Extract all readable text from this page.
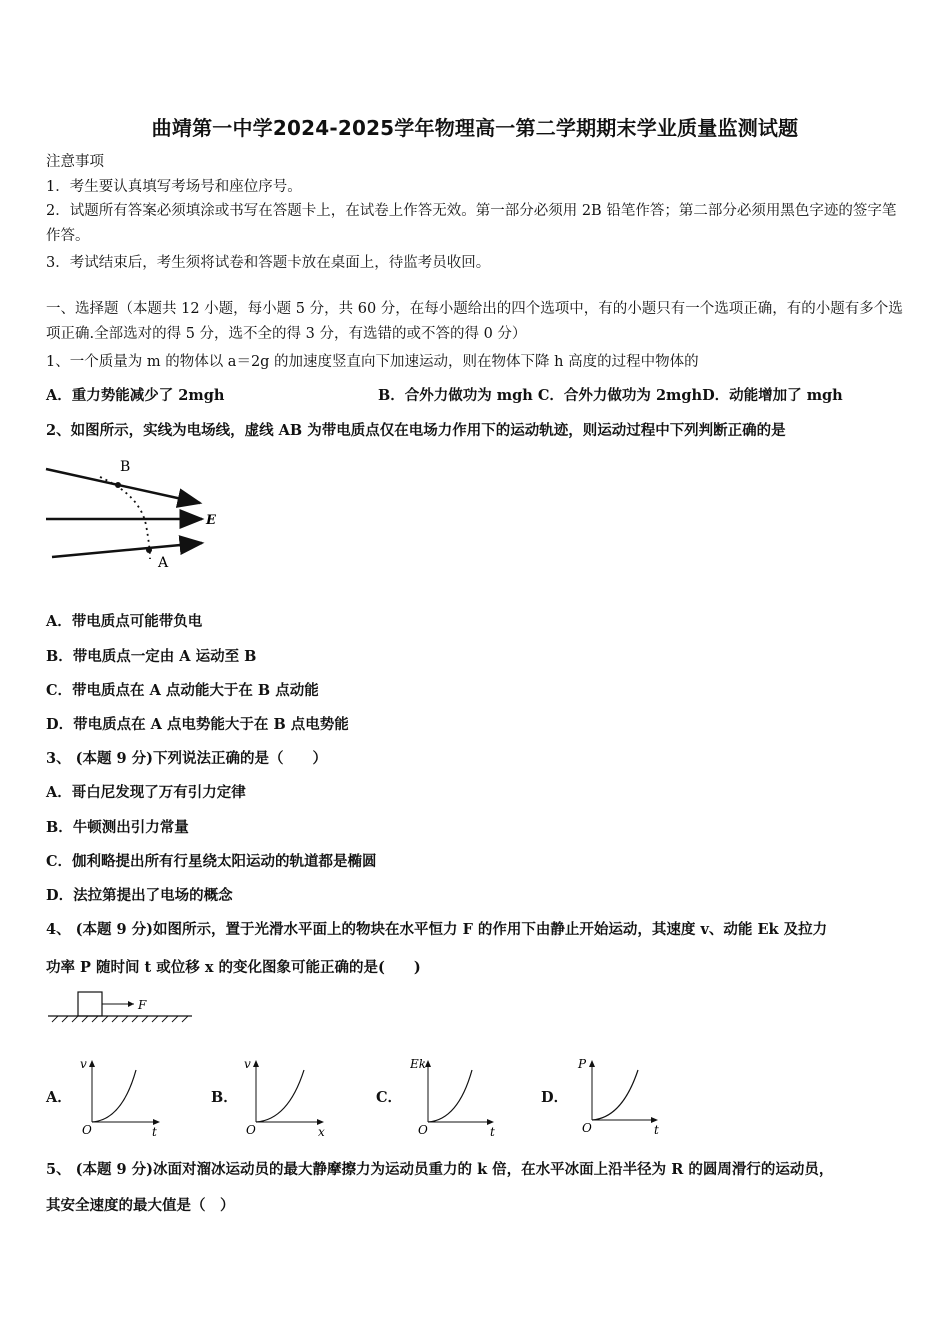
曲靖第一中学2024-2025学年物理高一第二学期期末学业质量监测试题
注意事项
1．考生要认真填写考场号和座位序号。
2．试题所有答案必须填涂或书写在答题卡上，在试卷上作答无效。第一部分必须用 2B 铅笔作答；第二部分必须用黑色字迹的签字笔作答。
3．考试结束后，考生须将试卷和答题卡放在桌面上，待监考员收回。
一、选择题（本题共 12 小题，每小题 5 分，共 60 分，在每小题给出的四个选项中，有的小题只有一个选项正确，有的小题有多个选项正确.全部选对的得 5 分，选不全的得 3 分，有选错的或不答的得 0 分）
1、一个质量为 m 的物体以 a＝2g 的加速度竖直向下加速运动，则在物体下降 h 高度的过程中物体的
A．重力势能减少了 2mgh	B．合外力做功为 mgh C．合外力做功为 2mghD．动能增加了 mgh
2、如图所示，实线为电场线，虚线 AB 为带电质点仅在电场力作用下的运动轨迹，则运动过程中下列判断正确的是
B
A
E
A．带电质点可能带负电
B．带电质点一定由 A 运动至 B
C．带电质点在 A 点动能大于在 B 点动能
D．带电质点在 A 点电势能大于在 B 点电势能
3、 (本题 9 分)下列说法正确的是（　　）
A．哥白尼发现了万有引力定律
B．牛顿测出引力常量
C．伽利略提出所有行星绕太阳运动的轨道都是椭圆
D．法拉第提出了电场的概念
4、 (本题 9 分)如图所示，置于光滑水平面上的物块在水平恒力 F 的作用下由静止开始运动，其速度 v、动能 Ek 及拉力
功率 P 随时间 t 或位移 x 的变化图象可能正确的是(　　)
F
A．
v
t
O
B．
v
x
O
C．
Ek
t
O
D．
P
t
O
5、 (本题 9 分)冰面对溜冰运动员的最大静摩擦力为运动员重力的 k 倍，在水平冰面上沿半径为 R 的圆周滑行的运动员，
其安全速度的最大值是（　）
